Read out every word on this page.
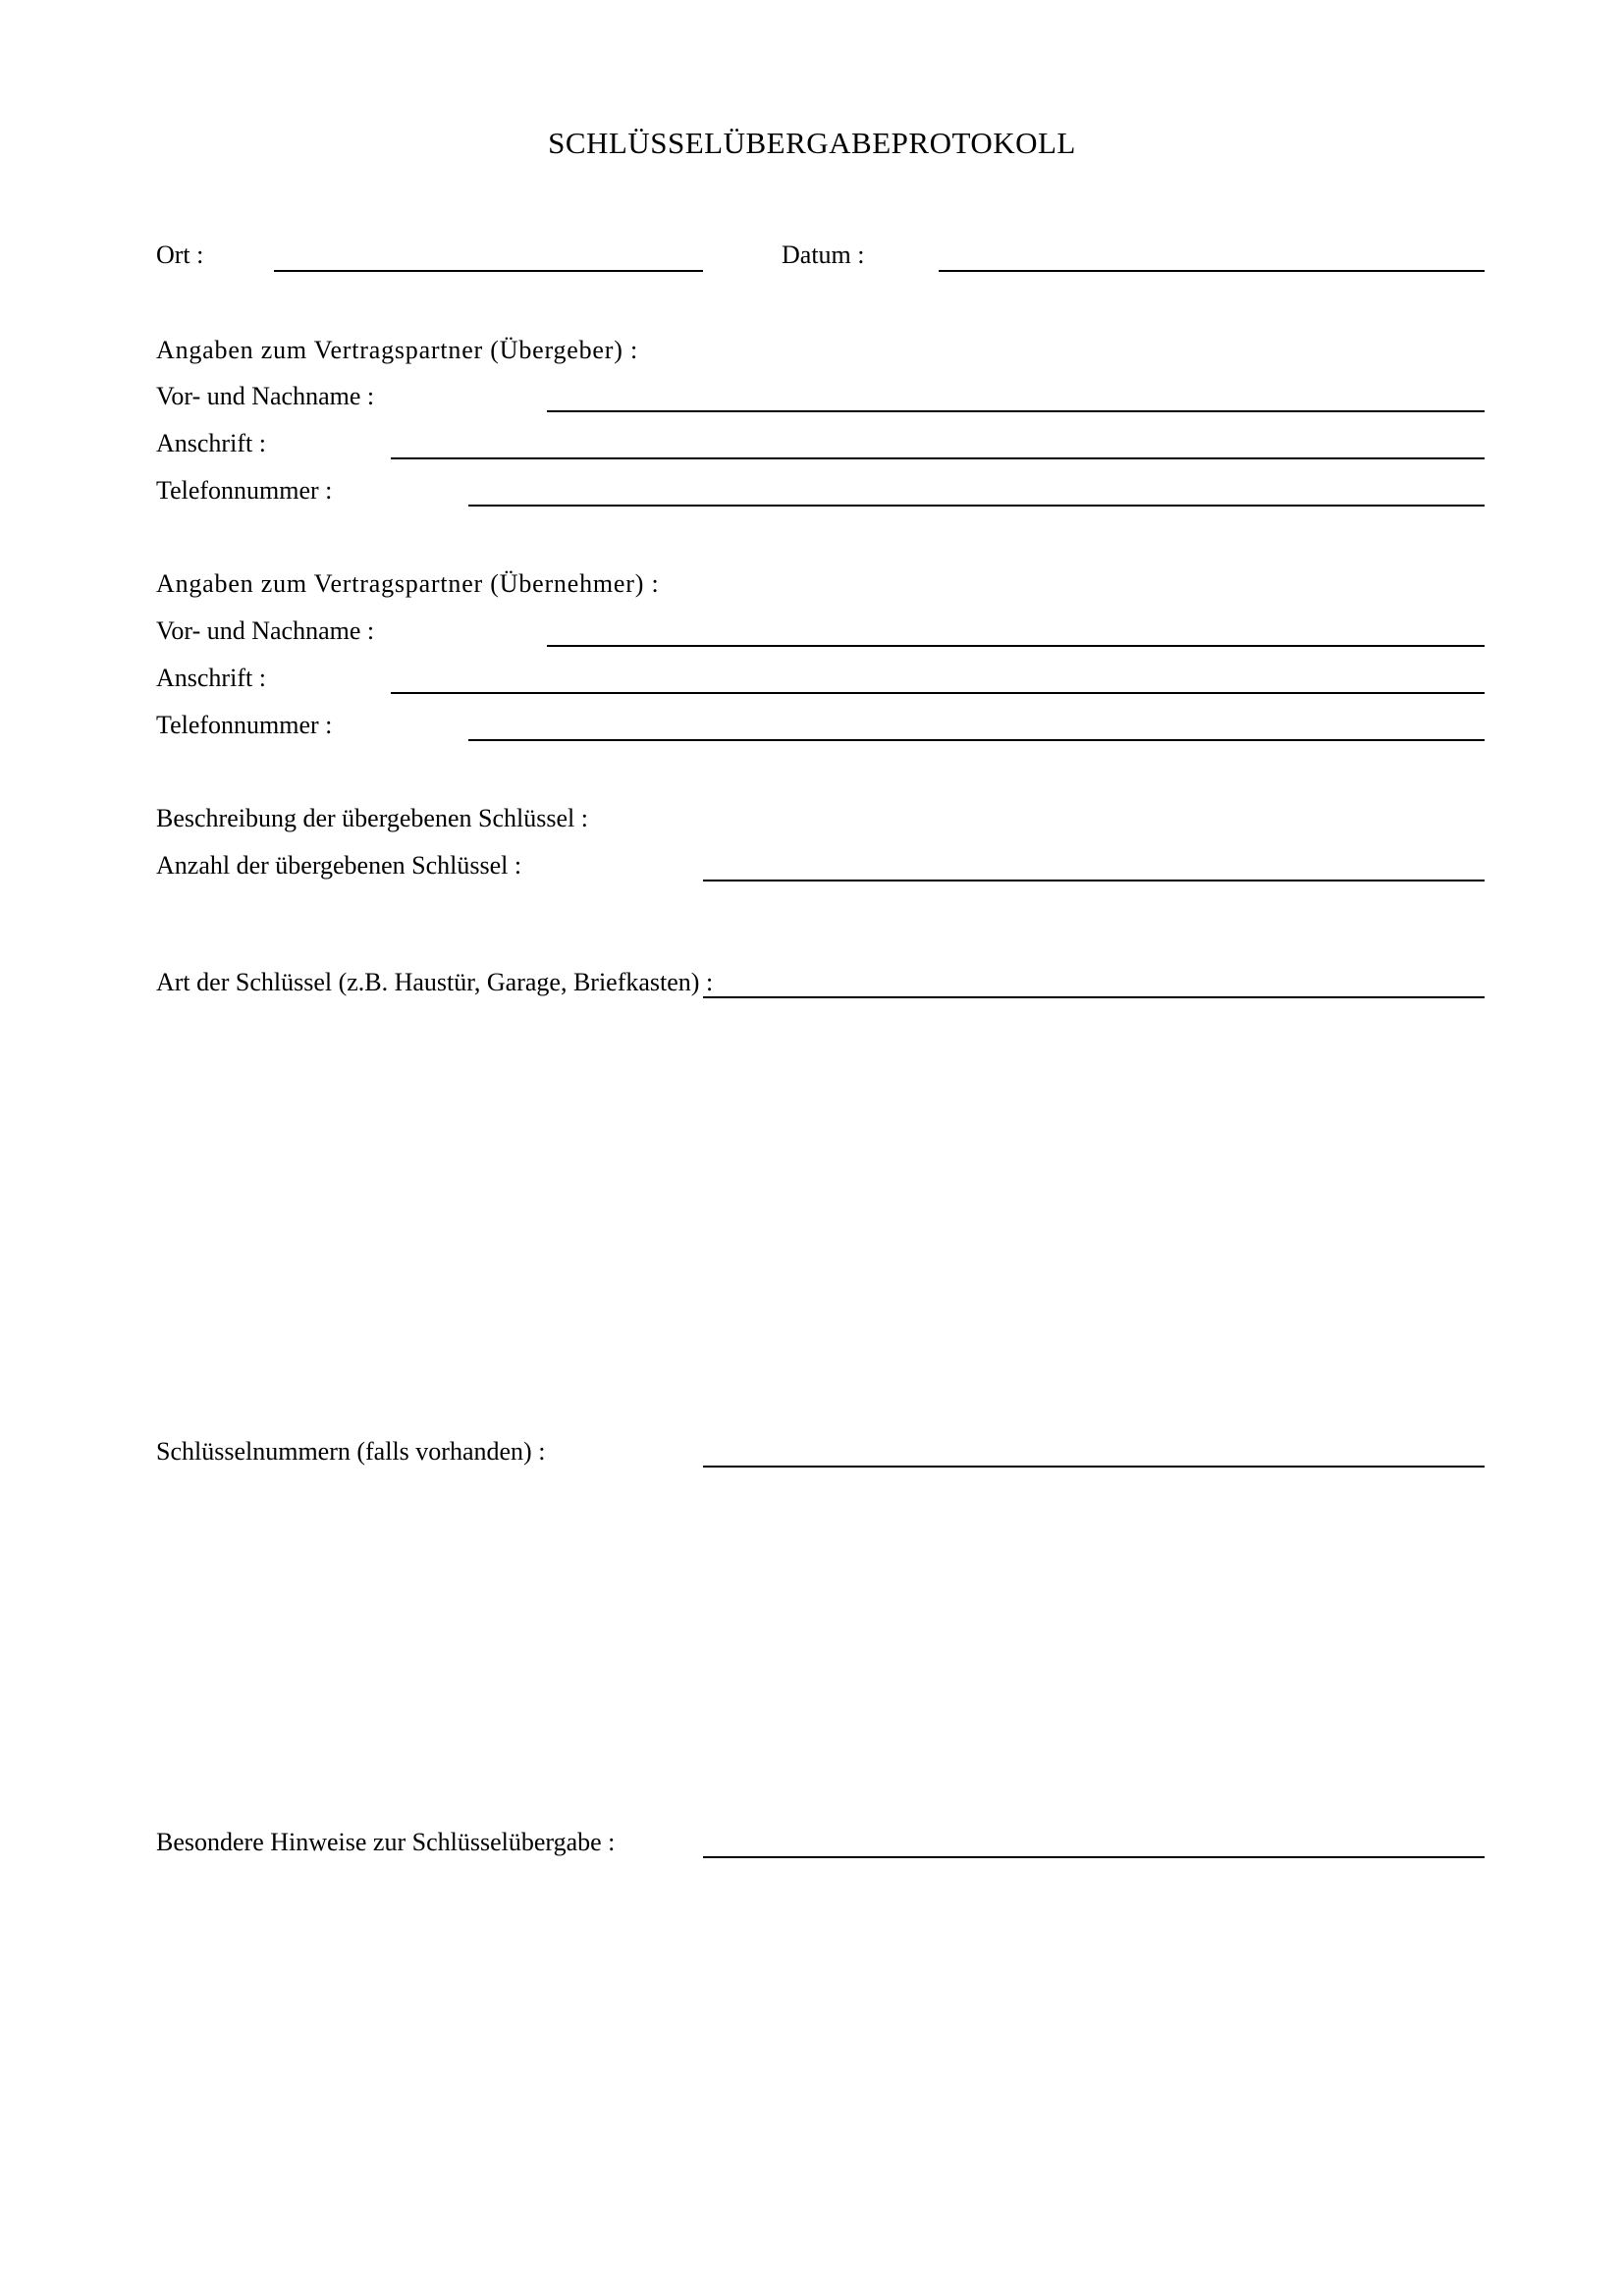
SCHLÜSSELÜBERGABEPROTOKOLL

Ort :	Datum :

Angaben zum Vertragspartner (Übergeber) :

Vor- und Nachname :

Anschrift :

Telefonnummer :

Angaben zum Vertragspartner (Übernehmer) :

Vor- und Nachname :

Anschrift :

Telefonnummer :

Beschreibung der übergebenen Schlüssel :

Anzahl der übergebenen Schlüssel :

Art der Schlüssel (z.B. Haustür, Garage, Briefkasten) :

Schlüsselnummern (falls vorhanden) :

Besondere Hinweise zur Schlüsselübergabe :
